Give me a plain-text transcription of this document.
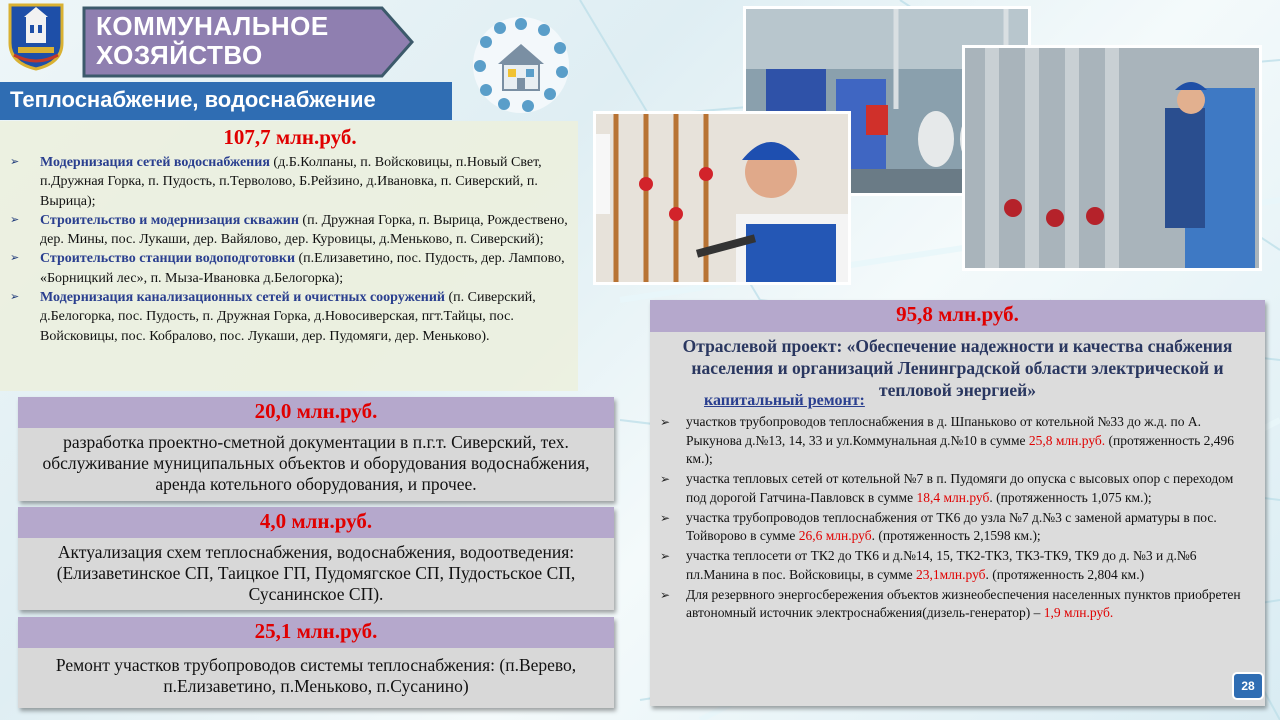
КОММУНАЛЬНОЕ
ХОЗЯЙСТВО
Теплоснабжение, водоснабжение
107,7 млн.руб.
➢ Модернизация сетей водоснабжения (д.Б.Колпаны, п. Войсковицы, п.Новый Свет, п.Дружная Горка, п. Пудость, п.Терволово, Б.Рейзино, д.Ивановка, п. Сиверский, п. Вырица);
➢ Строительство и модернизация скважин (п. Дружная Горка, п. Вырица, Рождествено, дер. Мины, пос. Лукаши, дер. Вайялово, дер. Куровицы, д.Меньково, п. Сиверский);
➢ Строительство станции водоподготовки (п.Елизаветино, пос. Пудость, дер. Лампово, «Борницкий лес», п. Мыза-Ивановка д.Белогорка);
➢ Модернизация канализационных сетей и очистных сооружений (п. Сиверский, д.Белогорка, пос. Пудость, п. Дружная Горка, д.Новосиверская, пгт.Тайцы, пос. Войсковицы, пос. Кобралово, пос. Лукаши, дер. Пудомяги, дер. Меньково).
20,0 млн.руб.
разработка проектно-сметной документации в п.г.т. Сиверский, тех. обслуживание муниципальных объектов и оборудования водоснабжения, аренда котельного оборудования, и прочее.
4,0 млн.руб.
Актуализация схем теплоснабжения, водоснабжения, водоотведения:(Елизаветинское СП, Таицкое ГП, Пудомягское СП, Пудостьское СП, Сусанинское СП).
25,1 млн.руб.
Ремонт участков трубопроводов системы теплоснабжения: (п.Верево, п.Елизаветино, п.Меньково, п.Сусанино)
95,8 млн.руб.
Отраслевой проект: «Обеспечение надежности и качества снабжения населения и организаций Ленинградской области электрической и тепловой энергией»
капитальный ремонт:
➢ участков трубопроводов теплоснабжения в д. Шпаньково от котельной №33 до ж.д. по А. Рыкунова д.№13, 14, 33 и ул.Коммунальная д.№10 в сумме 25,8 млн.руб. (протяженность 2,496 км.);
➢ участка тепловых сетей от котельной №7 в п. Пудомяги до опуска с высовых опор с переходом под дорогой Гатчина-Павловск в сумме 18,4 млн.руб. (протяженность 1,075 км.);
➢ участка трубопроводов теплоснабжения от ТК6 до узла №7 д.№3 с заменой арматуры в пос. Тойворово в сумме 26,6 млн.руб. (протяженность 2,1598 км.);
➢ участка теплосети от ТК2 до ТК6 и д.№14, 15, ТК2-ТК3, ТК3-ТК9, ТК9 до д. №3 и д.№6 пл.Манина в пос. Войсковицы, в сумме 23,1млн.руб. (протяженность 2,804 км.)
➢ Для резервного энергосбережения объектов жизнеобеспечения населенных пунктов приобретен автономный источник электроснабжения(дизель-генератор) – 1,9 млн.руб.
28
